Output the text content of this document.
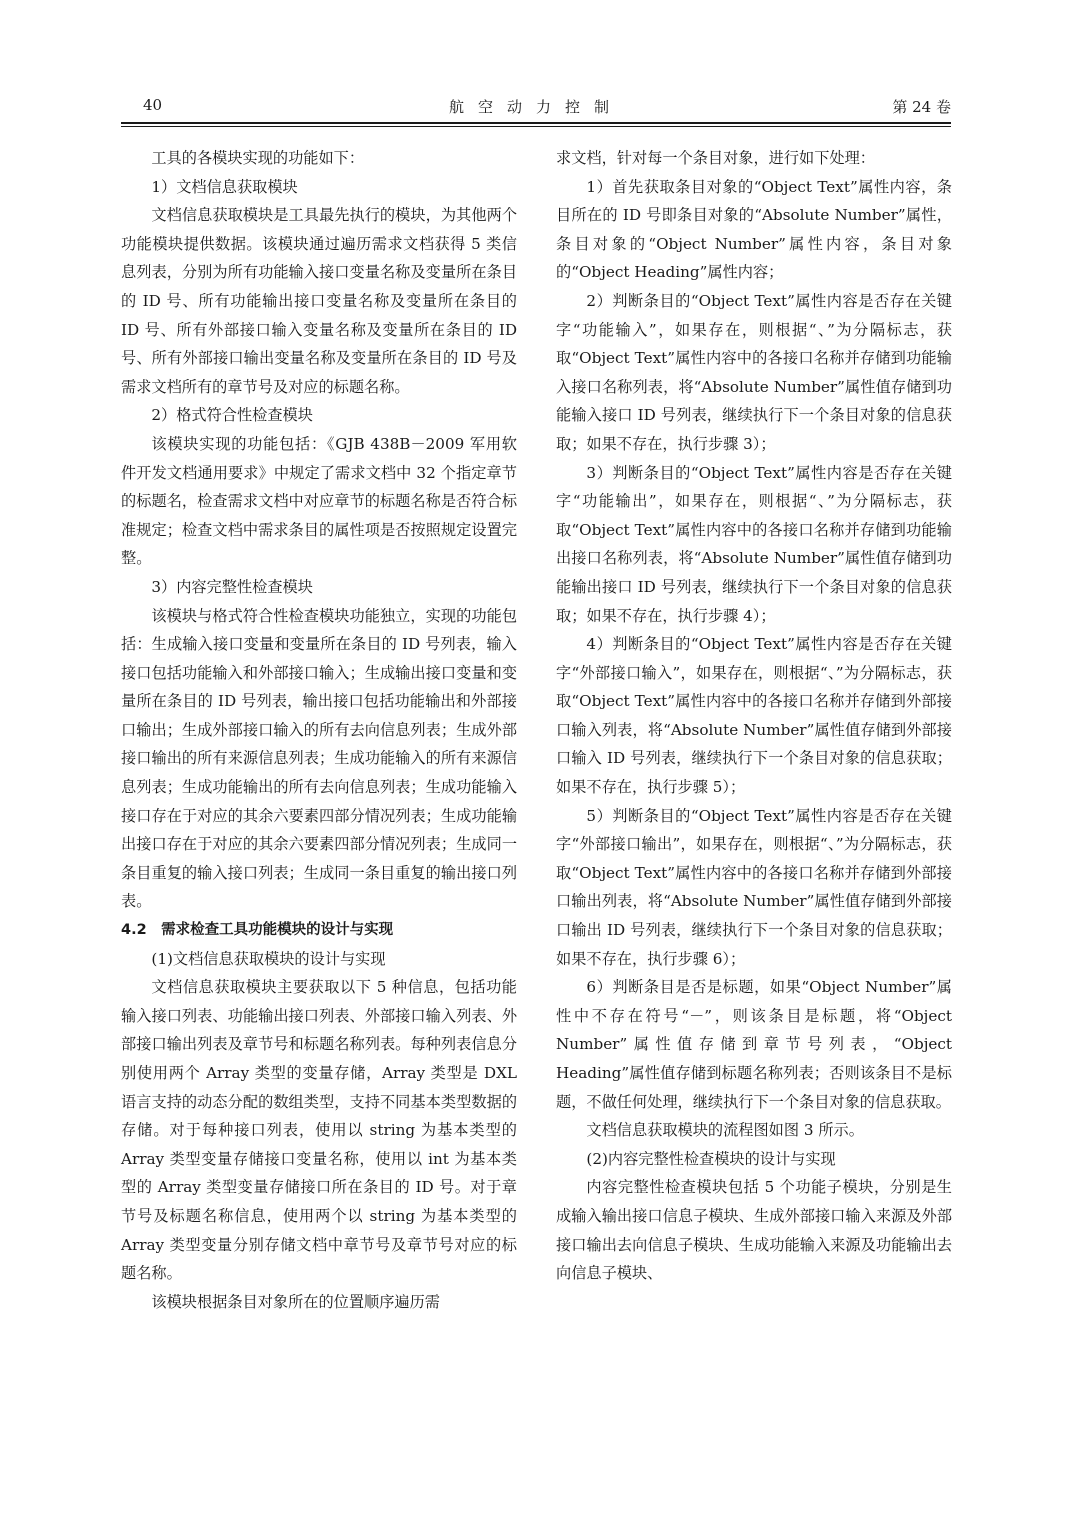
40	航空动力控制	第 24 卷

工具的各模块实现的功能如下：

1）文档信息获取模块

文档信息获取模块是工具最先执行的模块，为其他两个功能模块提供数据。该模块通过遍历需求文档获得 5 类信息列表，分别为所有功能输入接口变量名称及变量所在条目的 ID 号、所有功能输出接口变量名称及变量所在条目的 ID 号、所有外部接口输入变量名称及变量所在条目的 ID 号、所有外部接口输出变量名称及变量所在条目的 ID 号及需求文档所有的章节号及对应的标题名称。

2）格式符合性检查模块

该模块实现的功能包括：《GJB 438B－2009 军用软件开发文档通用要求》中规定了需求文档中 32 个指定章节的标题名，检查需求文档中对应章节的标题名称是否符合标准规定；检查文档中需求条目的属性项是否按照规定设置完整。

3）内容完整性检查模块

该模块与格式符合性检查模块功能独立，实现的功能包括：生成输入接口变量和变量所在条目的 ID 号列表，输入接口包括功能输入和外部接口输入；生成输出接口变量和变量所在条目的 ID 号列表，输出接口包括功能输出和外部接口输出；生成外部接口输入的所有去向信息列表；生成外部接口输出的所有来源信息列表；生成功能输入的所有来源信息列表；生成功能输出的所有去向信息列表；生成功能输入接口存在于对应的其余六要素四部分情况列表；生成功能输出接口存在于对应的其余六要素四部分情况列表；生成同一条目重复的输入接口列表；生成同一条目重复的输出接口列表。

4.2　需求检查工具功能模块的设计与实现

(1)文档信息获取模块的设计与实现

文档信息获取模块主要获取以下 5 种信息，包括功能输入接口列表、功能输出接口列表、外部接口输入列表、外部接口输出列表及章节号和标题名称列表。每种列表信息分别使用两个 Array 类型的变量存储，Array 类型是 DXL 语言支持的动态分配的数组类型，支持不同基本类型数据的存储。对于每种接口列表，使用以 string 为基本类型的 Array 类型变量存储接口变量名称，使用以 int 为基本类型的 Array 类型变量存储接口所在条目的 ID 号。对于章节号及标题名称信息，使用两个以 string 为基本类型的 Array 类型变量分别存储文档中章节号及章节号对应的标题名称。

该模块根据条目对象所在的位置顺序遍历需

求文档，针对每一个条目对象，进行如下处理：

1）首先获取条目对象的“Object Text”属性内容，条目所在的 ID 号即条目对象的“Absolute Number”属性，条目对象的“Object Number”属性内容，条目对象的“Object Heading”属性内容；

2）判断条目的“Object Text”属性内容是否存在关键字“功能输入”，如果存在，则根据“、”为分隔标志，获取“Object Text”属性内容中的各接口名称并存储到功能输入接口名称列表，将“Absolute Number”属性值存储到功能输入接口 ID 号列表，继续执行下一个条目对象的信息获取；如果不存在，执行步骤 3）；

3）判断条目的“Object Text”属性内容是否存在关键字“功能输出”，如果存在，则根据“、”为分隔标志，获取“Object Text”属性内容中的各接口名称并存储到功能输出接口名称列表，将“Absolute Number”属性值存储到功能输出接口 ID 号列表，继续执行下一个条目对象的信息获取；如果不存在，执行步骤 4）；

4）判断条目的“Object Text”属性内容是否存在关键字“外部接口输入”，如果存在，则根据“、”为分隔标志，获取“Object Text”属性内容中的各接口名称并存储到外部接口输入列表，将“Absolute Number”属性值存储到外部接口输入 ID 号列表，继续执行下一个条目对象的信息获取；如果不存在，执行步骤 5）；

5）判断条目的“Object Text”属性内容是否存在关键字“外部接口输出”，如果存在，则根据“、”为分隔标志，获取“Object Text”属性内容中的各接口名称并存储到外部接口输出列表，将“Absolute Number”属性值存储到外部接口输出 ID 号列表，继续执行下一个条目对象的信息获取；如果不存在，执行步骤 6）；

6）判断条目是否是标题，如果“Object Number”属性中不存在符号“－”，则该条目是标题，将“Object Number”属性值存储到章节号列表，“Object Heading”属性值存储到标题名称列表；否则该条目不是标题，不做任何处理，继续执行下一个条目对象的信息获取。

文档信息获取模块的流程图如图 3 所示。

(2)内容完整性检查模块的设计与实现

内容完整性检查模块包括 5 个功能子模块，分别是生成输入输出接口信息子模块、生成外部接口输入来源及外部接口输出去向信息子模块、生成功能输入来源及功能输出去向信息子模块、
